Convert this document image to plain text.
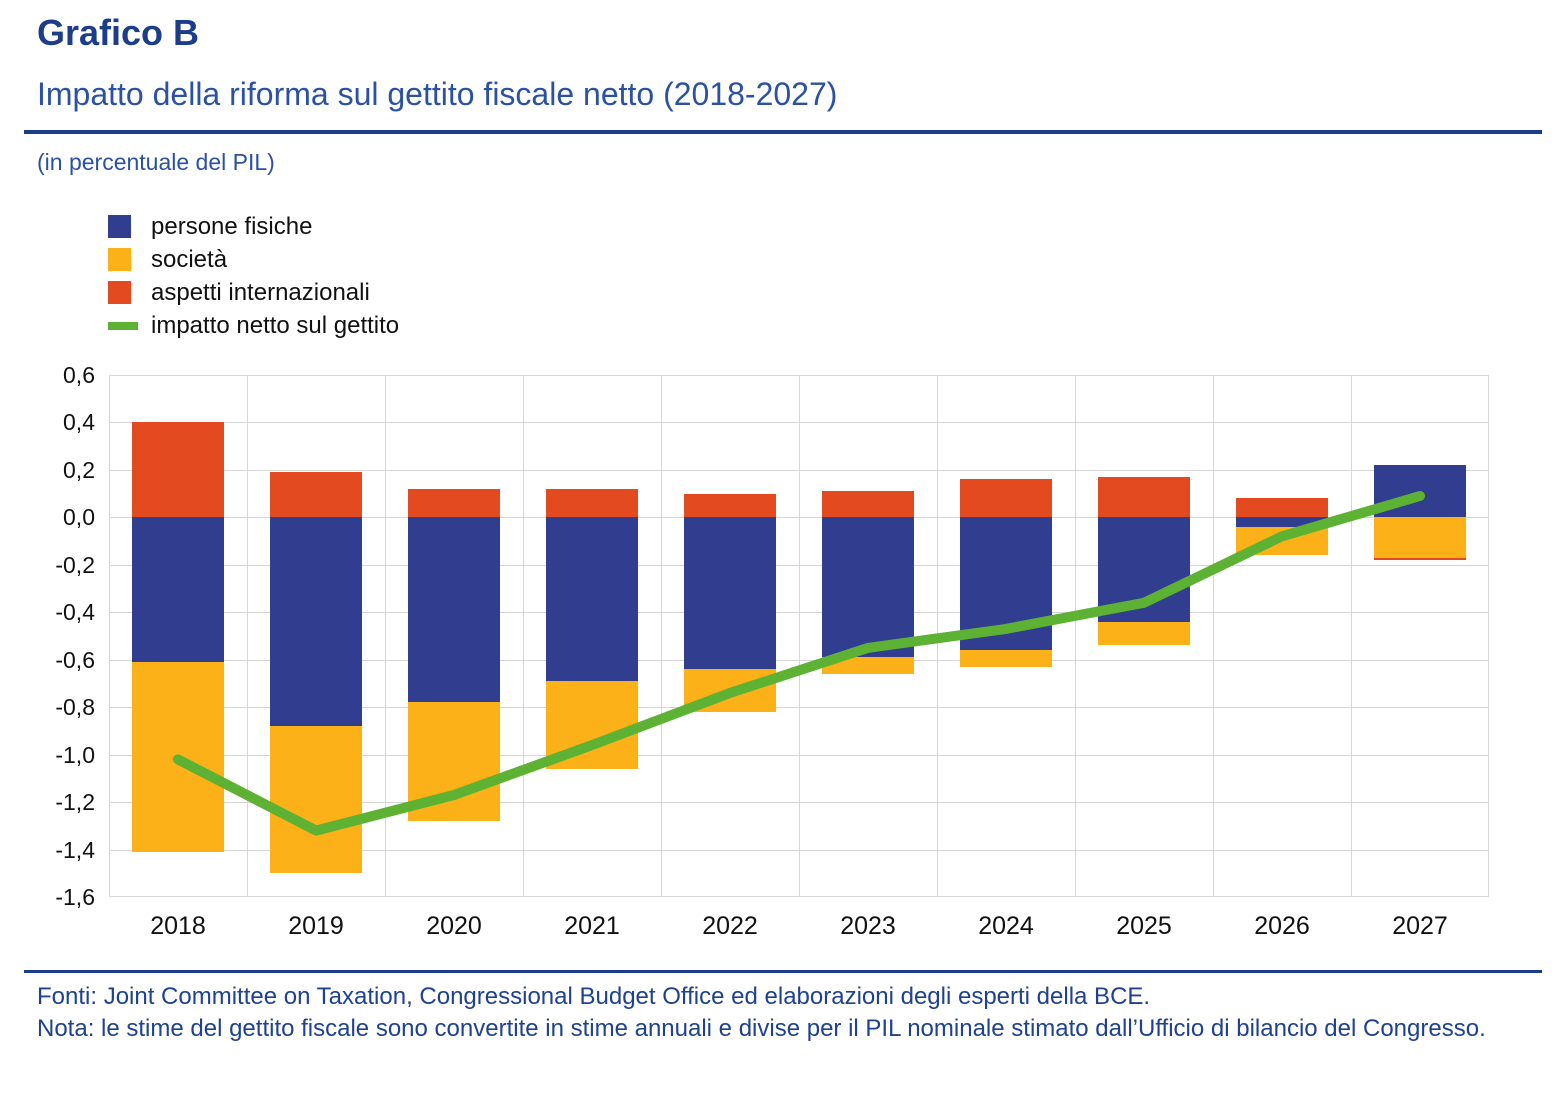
Grafico B
Impatto della riforma sul gettito fiscale netto (2018-2027)
(in percentuale del PIL)
persone fisiche
società
aspetti internazionali
impatto netto sul gettito
0,6
0,4
0,2
0,0
-0,2
-0,4
-0,6
-0,8
-1,0
-1,2
-1,4
-1,6
2018	2019	2020	2021	2022	2023	2024	2025	2026	2027
Fonti: Joint Committee on Taxation, Congressional Budget Office ed elaborazioni degli esperti della BCE.
Nota: le stime del gettito fiscale sono convertite in stime annuali e divise per il PIL nominale stimato dall’Ufficio di bilancio del Congresso.
